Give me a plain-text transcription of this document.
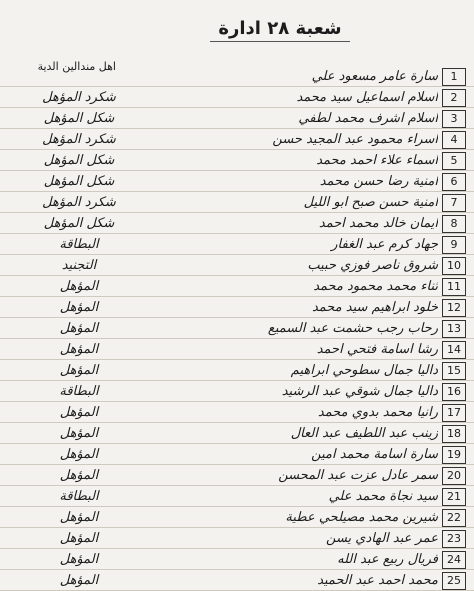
شعبة ٢٨ ادارة
اهل مندالين الدية
1
سارة عامر مسعود علي
2
اسلام اسماعيل سيد محمد
شكرد المؤهل
3
اسلام اشرف محمد لطفي
شكل المؤهل
4
اسراء محمود عبد المجيد حسن
شكرد المؤهل
5
اسماء علاء احمد محمد
شكل المؤهل
6
امنية رضا حسن محمد
شكل المؤهل
7
امنية حسن صبح ابو الليل
شكرد المؤهل
8
ايمان خالد محمد احمد
شكل المؤهل
9
جهاد كرم عبد الغفار
البطاقة
10
شروق ناصر فوزي حبيب
التجنيد
11
ثناء محمد محمود محمد
المؤهل
12
خلود ابراهيم سيد محمد
المؤهل
13
رحاب رجب حشمت عبد السميع
المؤهل
14
رشا اسامة فتحي احمد
المؤهل
15
داليا جمال سطوحي ابراهيم
المؤهل
16
داليا جمال شوقي عبد الرشيد
البطاقة
17
رانيا محمد بدوي محمد
المؤهل
18
زينب عبد اللطيف عبد العال
المؤهل
19
سارة اسامة محمد امين
المؤهل
20
سمر عادل عزت عبد المحسن
المؤهل
21
سيد نجاة محمد علي
البطاقة
22
شيرين محمد مصيلحي عطية
المؤهل
23
عمر عبد الهادي يسن
المؤهل
24
فريال ربيع عبد الله
المؤهل
25
محمد احمد عبد الحميد
المؤهل
